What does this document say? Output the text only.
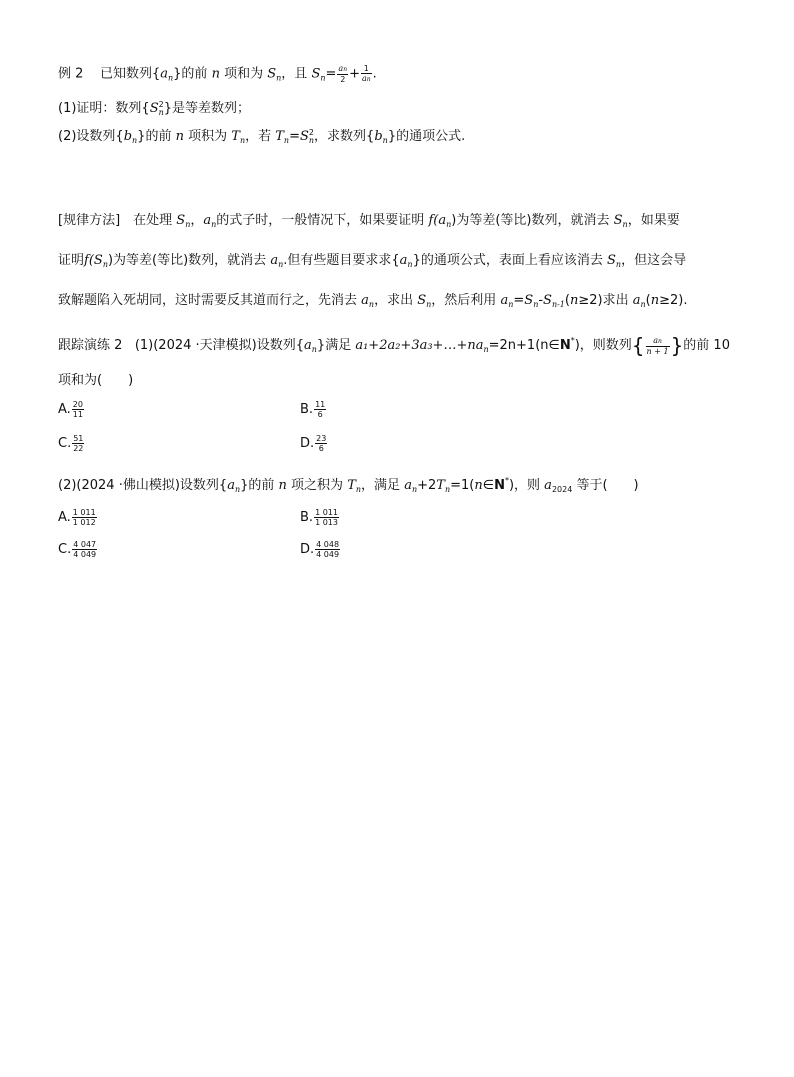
例 2 已知数列$\{a_n\}$的前 n 项和为 $S_n$，且 $S_n= \frac{an}{2} + \frac{1}{an}$ .
(1)证明：数列{S 2
n }是等差数列；
(2)设数列$\{b_n\}$的前 n 项积为 $T_n$，若 $T_n=S$ 2
n ，求数列$\{b_n\}$的通项公式.
[规律方法]　在处理 $S_n$，$a_n$的式子时，一般情况下，如果要证明 $f(a_n)$为等差(等比)数列，就消去 $S_n$，如果要
证明$f(S_n)$为等差(等比)数列，就消去 $a_n$.但有些题目要求求$\{a_n\}$的通项公式，表面上看应该消去 $S_n$，但这会导
致解题陷入死胡同，这时需要反其道而行之，先消去 $a_n$，求出 $S_n$，然后利用 $a_n=S_n-S_{n-1}(n\ge 2)$求出 $a_n(n\ge 2)$.
跟踪演练 2 (1)(2024 ·天津模拟)设数列$\{a_n\}$满足 $a_1+2a_2+3a_3+\dots+na_n=2n+1(n\in N^*)$，则数列{ $\frac{an}{n + 1}$ }的前 10
项和为(　　)
A. $\frac{20}{11}$	B. $\frac{11}{6}$
C. $\frac{51}{22}$	D. $\frac{23}{6}$
(2)(2024 ·佛山模拟)设数列$\{a_n\}$的前 n 项之积为 $T_n$，满足 $a_n+2T_n=1(n\in N^*)$，则 $a_{2024}$ 等于(　　)
A. $\frac{1 011}{1 012}$	B. $\frac{1 011}{1 013}$
C. $\frac{4 047}{4 049}$	D. $\frac{4 048}{4 049}$
